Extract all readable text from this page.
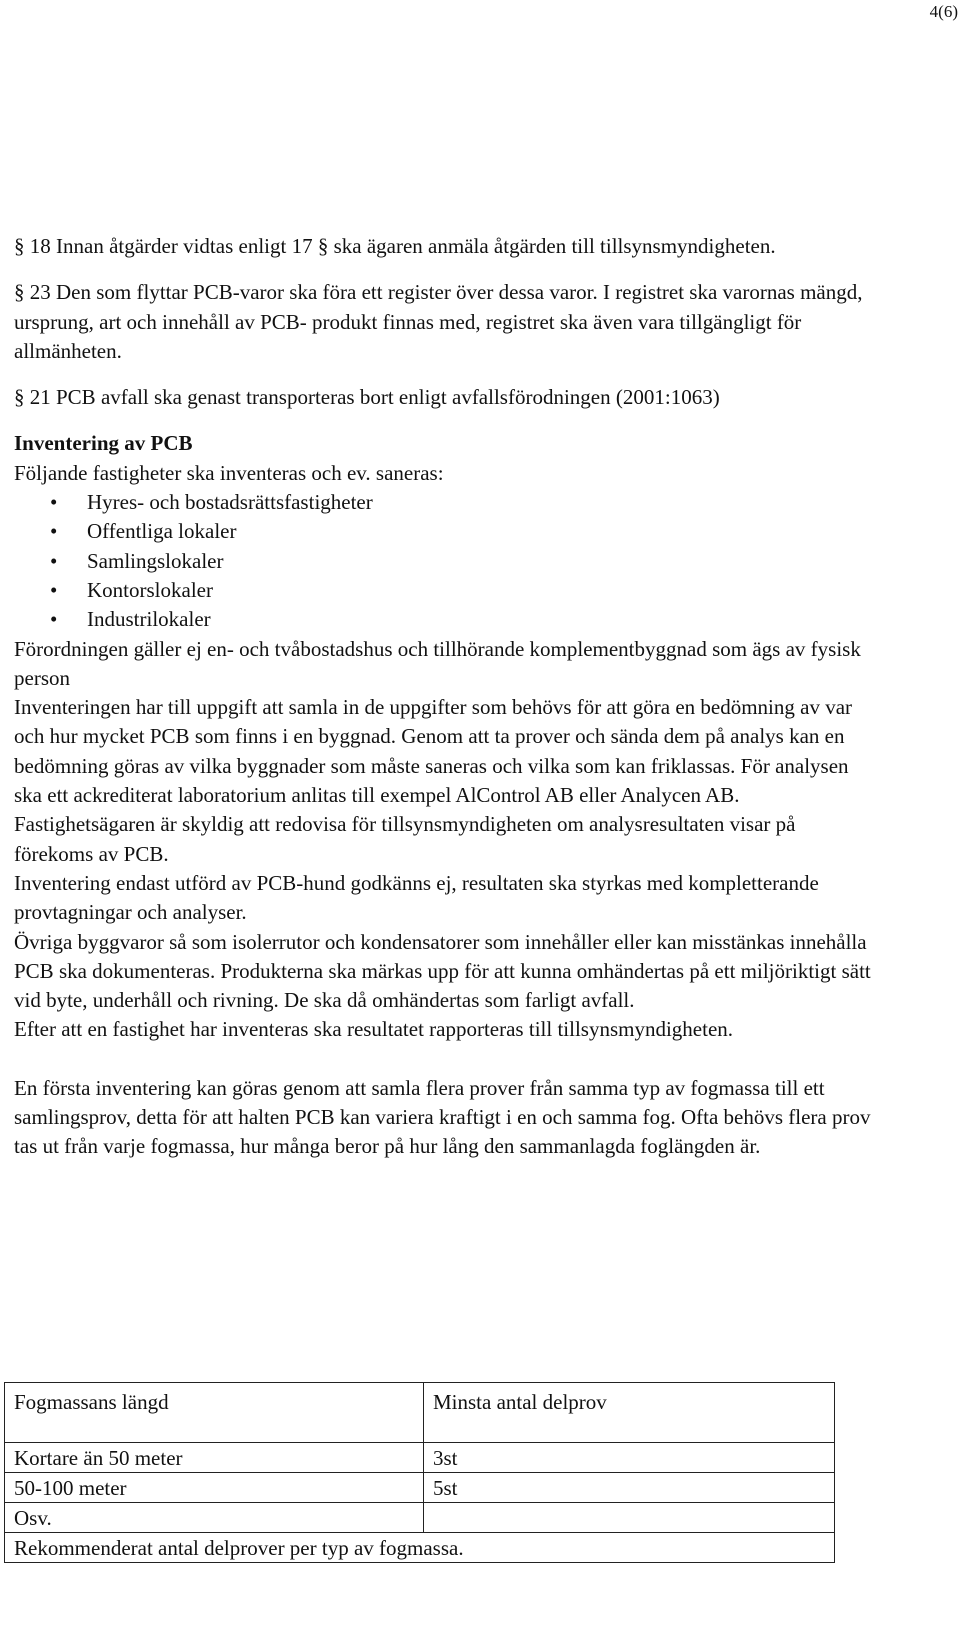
4(6)

§ 18 Innan åtgärder vidtas enligt 17 § ska ägaren anmäla åtgärden till tillsynsmyndigheten.

§ 23 Den som flyttar PCB-varor ska föra ett register över dessa varor. I registret ska varornas mängd, ursprung, art och innehåll av PCB- produkt finnas med, registret ska även vara tillgängligt för allmänheten.

§ 21 PCB avfall ska genast transporteras bort enligt avfallsförodningen (2001:1063)

Inventering av PCB

Följande fastigheter ska inventeras och ev. saneras:

• Hyres- och bostadsrättsfastigheter
• Offentliga lokaler
• Samlingslokaler
• Kontorslokaler
• Industrilokaler

Förordningen gäller ej en- och tvåbostadshus och tillhörande komplementbyggnad som ägs av fysisk person

Inventeringen har till uppgift att samla in de uppgifter som behövs för att göra en bedömning av var och hur mycket PCB som finns i en byggnad. Genom att ta prover och sända dem på analys kan en bedömning göras av vilka byggnader som måste saneras och vilka som kan friklassas. För analysen ska ett ackrediterat laboratorium anlitas till exempel AlControl AB eller Analycen AB.

Fastighetsägaren är skyldig att redovisa för tillsynsmyndigheten om analysresultaten visar på förekoms av PCB.

Inventering endast utförd av PCB-hund godkänns ej, resultaten ska styrkas med kompletterande provtagningar och analyser.

Övriga byggvaror så som isolerrutor och kondensatorer som innehåller eller kan misstänkas innehålla PCB ska dokumenteras. Produkterna ska märkas upp för att kunna omhändertas på ett miljöriktigt sätt vid byte, underhåll och rivning. De ska då omhändertas som farligt avfall.

Efter att en fastighet har inventeras ska resultatet rapporteras till tillsynsmyndigheten.

En första inventering kan göras genom att samla flera prover från samma typ av fogmassa till ett samlingsprov, detta för att halten PCB kan variera kraftigt i en och samma fog. Ofta behövs flera prov tas ut från varje fogmassa, hur många beror på hur lång den sammanlagda foglängden är.

Fogmassans längd	Minsta antal delprov
Kortare än 50 meter	3st
50-100 meter	5st
Osv.	
Rekommenderat antal delprover per typ av fogmassa.	
